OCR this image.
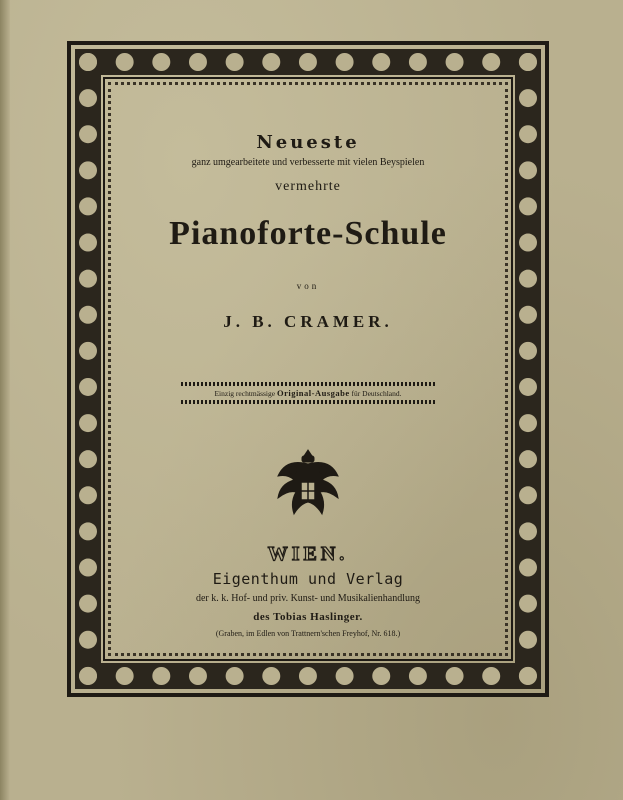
Neueste
ganz umgearbeitete und verbesserte mit vielen Beyspielen
vermehrte
Pianoforte-Schule
von
J. B. CRAMER.
Einzig rechtmässige Original-Ausgabe für Deutschland.
WIEN.
Eigenthum und Verlag
der k. k. Hof- und priv. Kunst- und Musikalienhandlung
des Tobias Haslinger.
(Graben, im Edlen von Trattnern'schen Freyhof, Nr. 618.)
